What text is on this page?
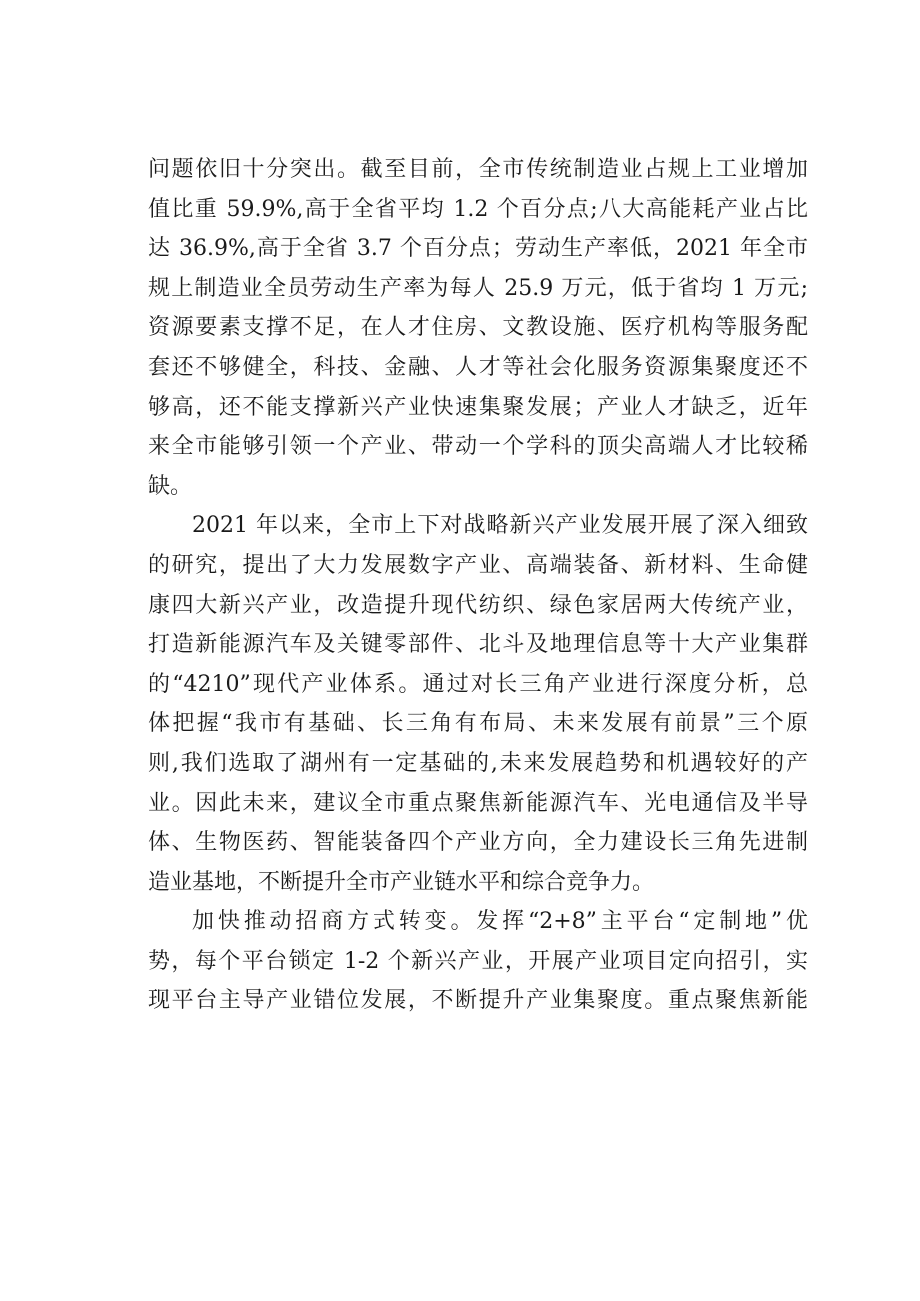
问题依旧十分突出。截至目前，全市传统制造业占规上工业增加
值比重 59.9%,高于全省平均 1.2 个百分点;八大高能耗产业占比
达 36.9%,高于全省 3.7 个百分点；劳动生产率低，2021 年全市
规上制造业全员劳动生产率为每人 25.9 万元，低于省均 1 万元;
资源要素支撑不足，在人才住房、文教设施、医疗机构等服务配
套还不够健全，科技、金融、人才等社会化服务资源集聚度还不
够高，还不能支撑新兴产业快速集聚发展；产业人才缺乏，近年
来全市能够引领一个产业、带动一个学科的顶尖高端人才比较稀
缺。
2021 年以来，全市上下对战略新兴产业发展开展了深入细致
的研究，提出了大力发展数字产业、高端装备、新材料、生命健
康四大新兴产业，改造提升现代纺织、绿色家居两大传统产业，
打造新能源汽车及关键零部件、北斗及地理信息等十大产业集群
的“4210”现代产业体系。通过对长三角产业进行深度分析，总
体把握“我市有基础、长三角有布局、未来发展有前景”三个原
则,我们选取了湖州有一定基础的,未来发展趋势和机遇较好的产
业。因此未来，建议全市重点聚焦新能源汽车、光电通信及半导
体、生物医药、智能装备四个产业方向，全力建设长三角先进制
造业基地，不断提升全市产业链水平和综合竞争力。
加快推动招商方式转变。发挥“2+8”主平台“定制地”优
势，每个平台锁定 1-2 个新兴产业，开展产业项目定向招引，实
现平台主导产业错位发展，不断提升产业集聚度。重点聚焦新能
